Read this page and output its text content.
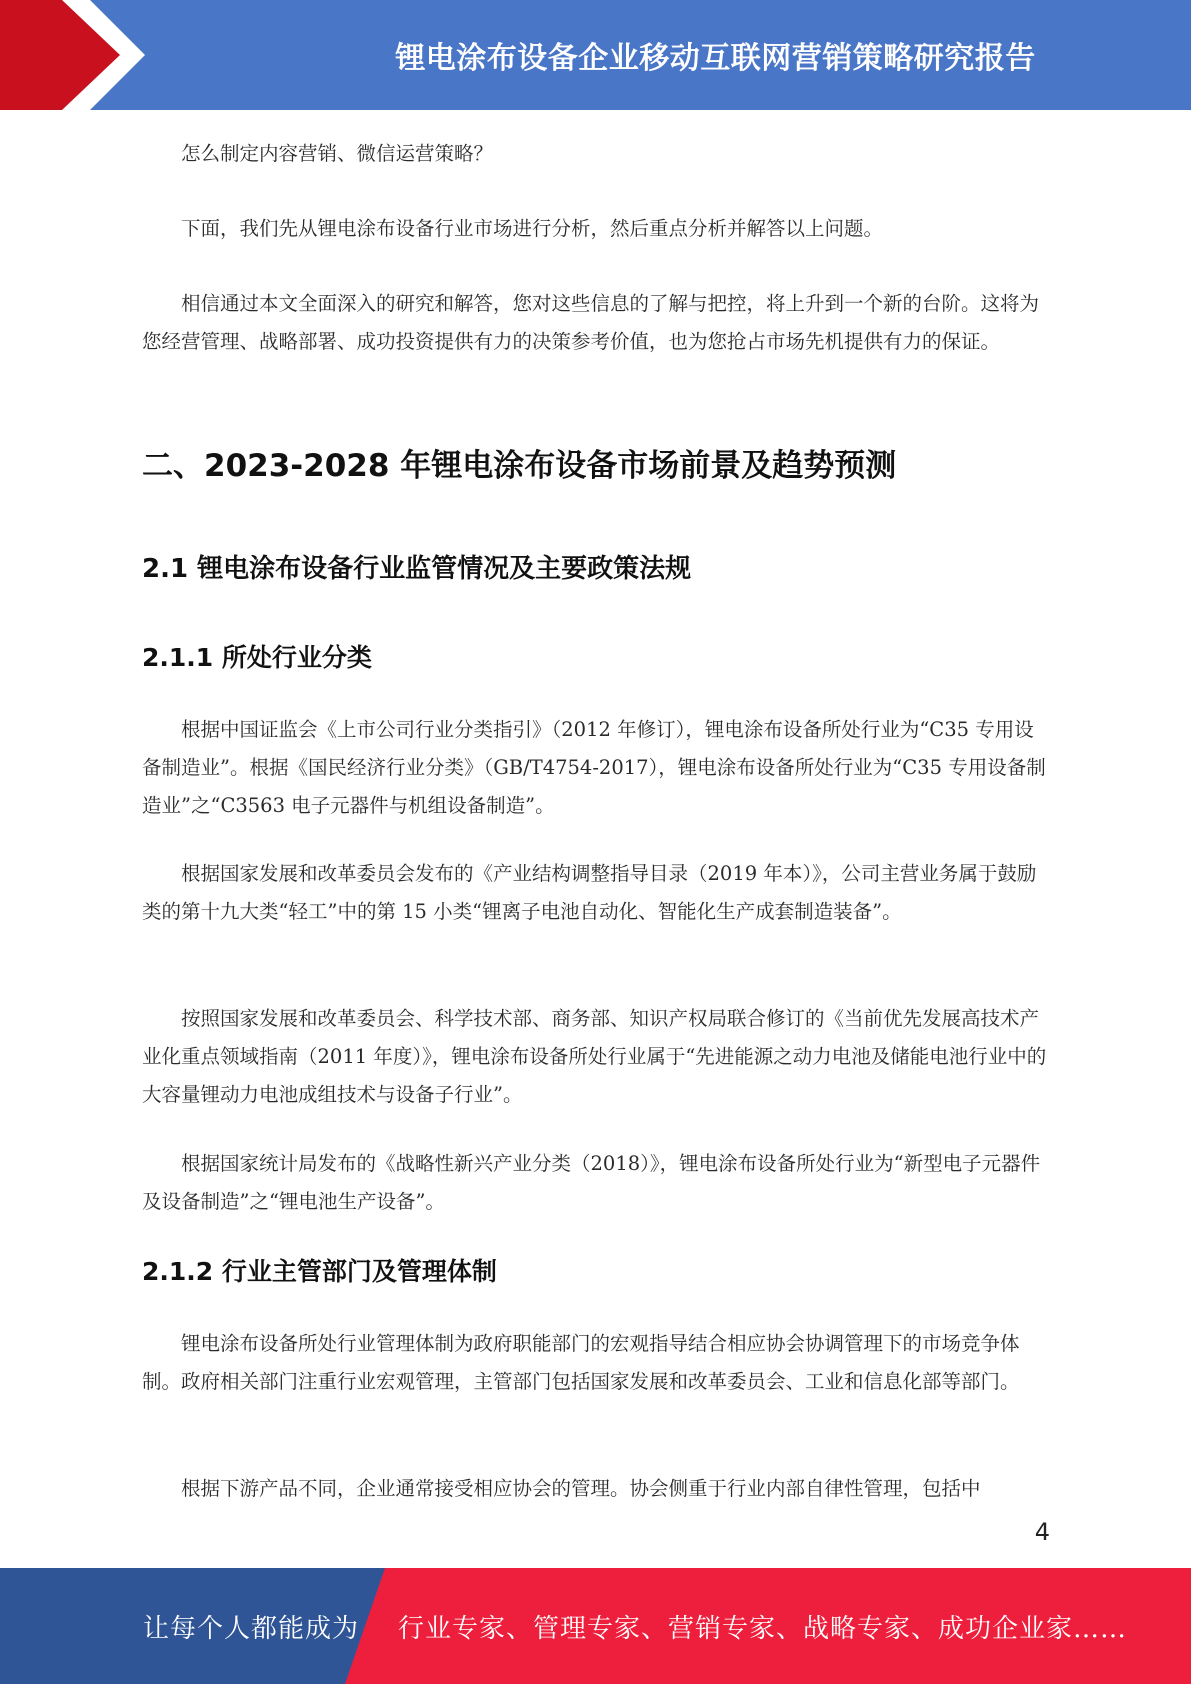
锂电涂布设备企业移动互联网营销策略研究报告

怎么制定内容营销、微信运营策略？

下面，我们先从锂电涂布设备行业市场进行分析，然后重点分析并解答以上问题。

相信通过本文全面深入的研究和解答，您对这些信息的了解与把控，将上升到一个新的台阶。这将为您经营管理、战略部署、成功投资提供有力的决策参考价值，也为您抢占市场先机提供有力的保证。

二、2023-2028 年锂电涂布设备市场前景及趋势预测
2.1 锂电涂布设备行业监管情况及主要政策法规
2.1.1 所处行业分类

根据中国证监会《上市公司行业分类指引》（2012 年修订），锂电涂布设备所处行业为“C35 专用设备制造业”。根据《国民经济行业分类》（GB/T4754-2017），锂电涂布设备所处行业为“C35 专用设备制造业”之“C3563 电子元器件与机组设备制造”。

根据国家发展和改革委员会发布的《产业结构调整指导目录（2019 年本）》，公司主营业务属于鼓励类的第十九大类“轻工”中的第 15 小类“锂离子电池自动化、智能化生产成套制造装备”。

按照国家发展和改革委员会、科学技术部、商务部、知识产权局联合修订的《当前优先发展高技术产业化重点领域指南（2011 年度）》，锂电涂布设备所处行业属于“先进能源之动力电池及储能电池行业中的大容量锂动力电池成组技术与设备子行业”。

根据国家统计局发布的《战略性新兴产业分类（2018）》，锂电涂布设备所处行业为“新型电子元器件及设备制造”之“锂电池生产设备”。

2.1.2 行业主管部门及管理体制

锂电涂布设备所处行业管理体制为政府职能部门的宏观指导结合相应协会协调管理下的市场竞争体制。政府相关部门注重行业宏观管理，主管部门包括国家发展和改革委员会、工业和信息化部等部门。

根据下游产品不同，企业通常接受相应协会的管理。协会侧重于行业内部自律性管理，包括中

4
让每个人都能成为 行业专家、管理专家、营销专家、战略专家、成功企业家……
